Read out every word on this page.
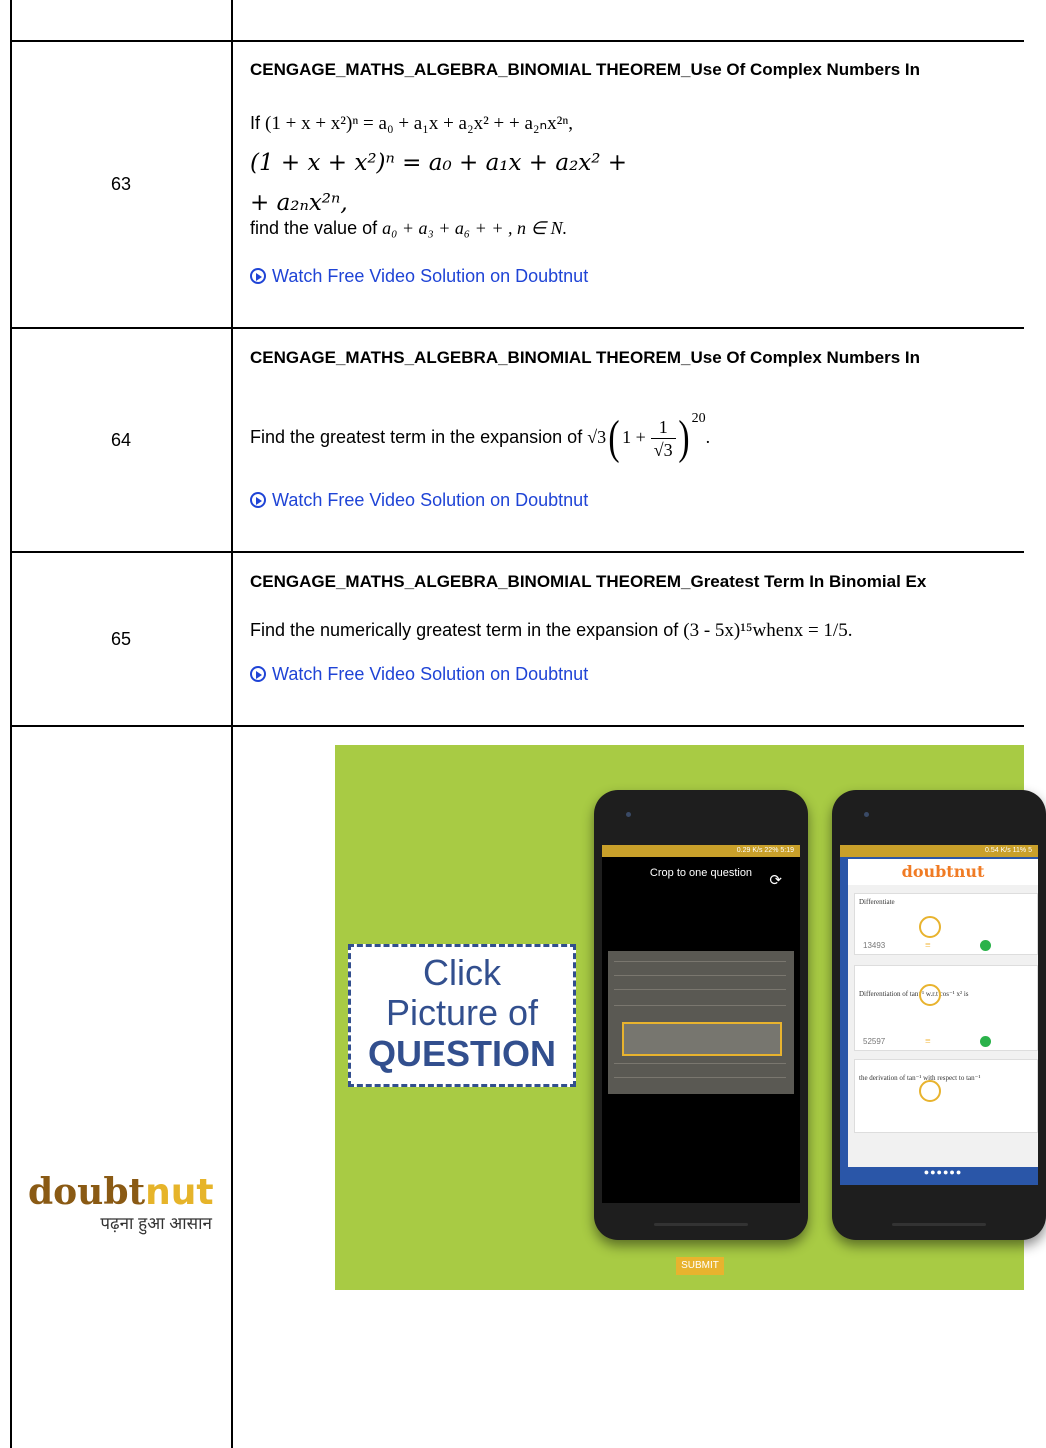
63
CENGAGE_MATHS_ALGEBRA_BINOMIAL THEOREM_Use Of Complex Numbers In
If (1 + x + x²)ⁿ = a₀ + a₁x + a₂x² + + a₂ₙx²ⁿ,
(1 + x + x²)ⁿ = a₀ + a₁x + a₂x² +
+ a₂ₙx²ⁿ,
find the value of a₀ + a₃ + a₆ + + , n ∈ N.
Watch Free Video Solution on Doubtnut
64
CENGAGE_MATHS_ALGEBRA_BINOMIAL THEOREM_Use Of Complex Numbers In
Find the greatest term in the expansion of √3( $1 + \frac{1}{√3}$ ) $^{20}$.
Watch Free Video Solution on Doubtnut
65
CENGAGE_MATHS_ALGEBRA_BINOMIAL THEOREM_Greatest Term In Binomial Ex
Find the numerically greatest term in the expansion of (3 - 5x)¹⁵whenx = 1/5.
Watch Free Video Solution on Doubtnut
doubtnut
पढ़ना हुआ आसान
Click
Picture of
QUESTION
0.29 K/s 22% 5:19
Crop to one question	⟳
SUBMIT
0.54 K/s 11% 5
doubtnut
Differentiate
13493	≡
Differentiation of tan⁻¹ w.r.t cos⁻¹ x² is
52597	≡
the derivation of tan⁻¹ with respect to tan⁻¹
●●●●●●
